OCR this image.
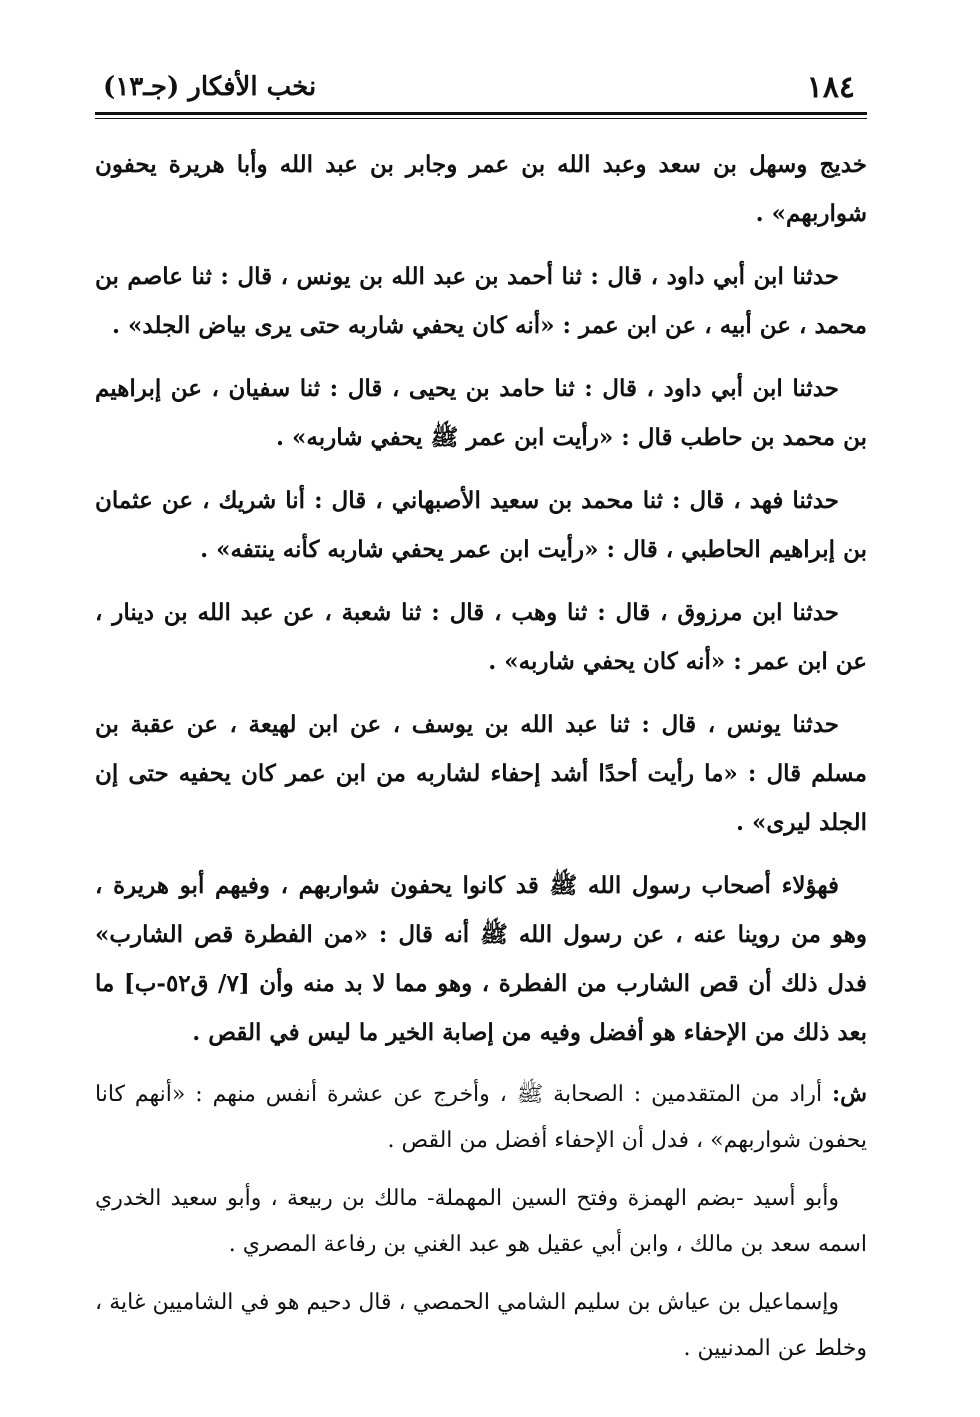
١٨٤
نخب الأفكار (جـ١٣)

خديج وسهل بن سعد وعبد الله بن عمر وجابر بن عبد الله وأبا هريرة يحفون شواربهم» .

حدثنا ابن أبي داود ، قال : ثنا أحمد بن عبد الله بن يونس ، قال : ثنا عاصم بن محمد ، عن أبيه ، عن ابن عمر : «أنه كان يحفي شاربه حتى يرى بياض الجلد» .

حدثنا ابن أبي داود ، قال : ثنا حامد بن يحيى ، قال : ثنا سفيان ، عن إبراهيم بن محمد بن حاطب قال : «رأيت ابن عمر ﷺ يحفي شاربه» .

حدثنا فهد ، قال : ثنا محمد بن سعيد الأصبهاني ، قال : أنا شريك ، عن عثمان بن إبراهيم الحاطبي ، قال : «رأيت ابن عمر يحفي شاربه كأنه ينتفه» .

حدثنا ابن مرزوق ، قال : ثنا وهب ، قال : ثنا شعبة ، عن عبد الله بن دينار ، عن ابن عمر : «أنه كان يحفي شاربه» .

حدثنا يونس ، قال : ثنا عبد الله بن يوسف ، عن ابن لهيعة ، عن عقبة بن مسلم قال : «ما رأيت أحدًا أشد إحفاء لشاربه من ابن عمر كان يحفيه حتى إن الجلد ليرى» .

فهؤلاء أصحاب رسول الله ﷺ قد كانوا يحفون شواربهم ، وفيهم أبو هريرة ، وهو من روينا عنه ، عن رسول الله ﷺ أنه قال : «من الفطرة قص الشارب» فدل ذلك أن قص الشارب من الفطرة ، وهو مما لا بد منه وأن [٧/ ق٥٢-ب] ما بعد ذلك من الإحفاء هو أفضل وفيه من إصابة الخير ما ليس في القص .

ش: أراد من المتقدمين : الصحابة ﷺ ، وأخرج عن عشرة أنفس منهم : «أنهم كانا يحفون شواربهم» ، فدل أن الإحفاء أفضل من القص .

وأبو أسيد -بضم الهمزة وفتح السين المهملة- مالك بن ربيعة ، وأبو سعيد الخدري اسمه سعد بن مالك ، وابن أبي عقيل هو عبد الغني بن رفاعة المصري .

وإسماعيل بن عياش بن سليم الشامي الحمصي ، قال دحيم هو في الشاميين غاية ، وخلط عن المدنيين .
